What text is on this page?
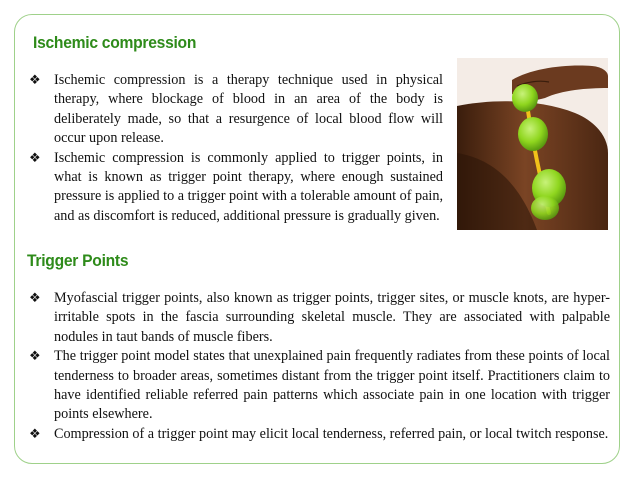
Ischemic compression
❖ Ischemic compression is a therapy technique used in physical therapy, where blockage of blood in an area of the body is deliberately made, so that a resurgence of local blood flow will occur upon release.
❖ Ischemic compression is commonly applied to trigger points, in what is known as trigger point therapy, where enough sustained pressure is applied to a trigger point with a tolerable amount of pain, and as discomfort is reduced, additional pressure is gradually given.
Trigger Points
❖ Myofascial trigger points, also known as trigger points, trigger sites, or muscle knots, are hyper-irritable spots in the fascia surrounding skeletal muscle. They are associated with palpable nodules in taut bands of muscle fibers.
❖ The trigger point model states that unexplained pain frequently radiates from these points of local tenderness to broader areas, sometimes distant from the trigger point itself. Practitioners claim to have identified reliable referred pain patterns which associate pain in one location with trigger points elsewhere.
❖ Compression of a trigger point may elicit local tenderness, referred pain, or local twitch response.
